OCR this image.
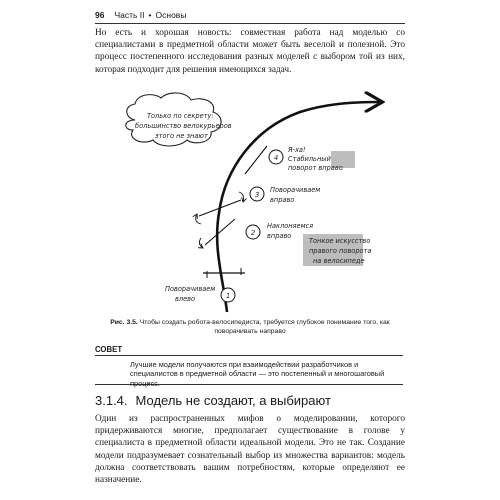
96 Часть II • Основы

Но есть и хорошая новость: совместная работа над моделью со специалистами в предметной области может быть веселой и полезной. Это процесс постепенного исследования разных моделей с выбором той из них, которая подходит для решения имеющихся задач.

Только по секрету:
большинство велокурьеров
этого не знают
1
Поворачиваем
влево
2
Наклоняемся
вправо
3
Поворачиваем
вправо
4
Я-ха!
Стабильный
поворот вправо
Тонкое искусство
правого поворота
на велосипеде

Рис. 3.5. Чтобы создать робота-велосипедиста, требуется глубокое понимание того, как поворачивать направо

СОВЕТ

Лучшие модели получаются при взаимодействии разработчиков и специалистов в предметной области — это постепенный и многошаговый процесс.

3.1.4. Модель не создают, а выбирают

Один из распространенных мифов о моделировании, которого придерживаются многие, предполагает существование в голове у специалиста в предметной области идеальной модели. Это не так. Создание модели подразумевает сознательный выбор из множества вариантов: модель должна соответствовать вашим потребностям, которые определяют ее назначение.
